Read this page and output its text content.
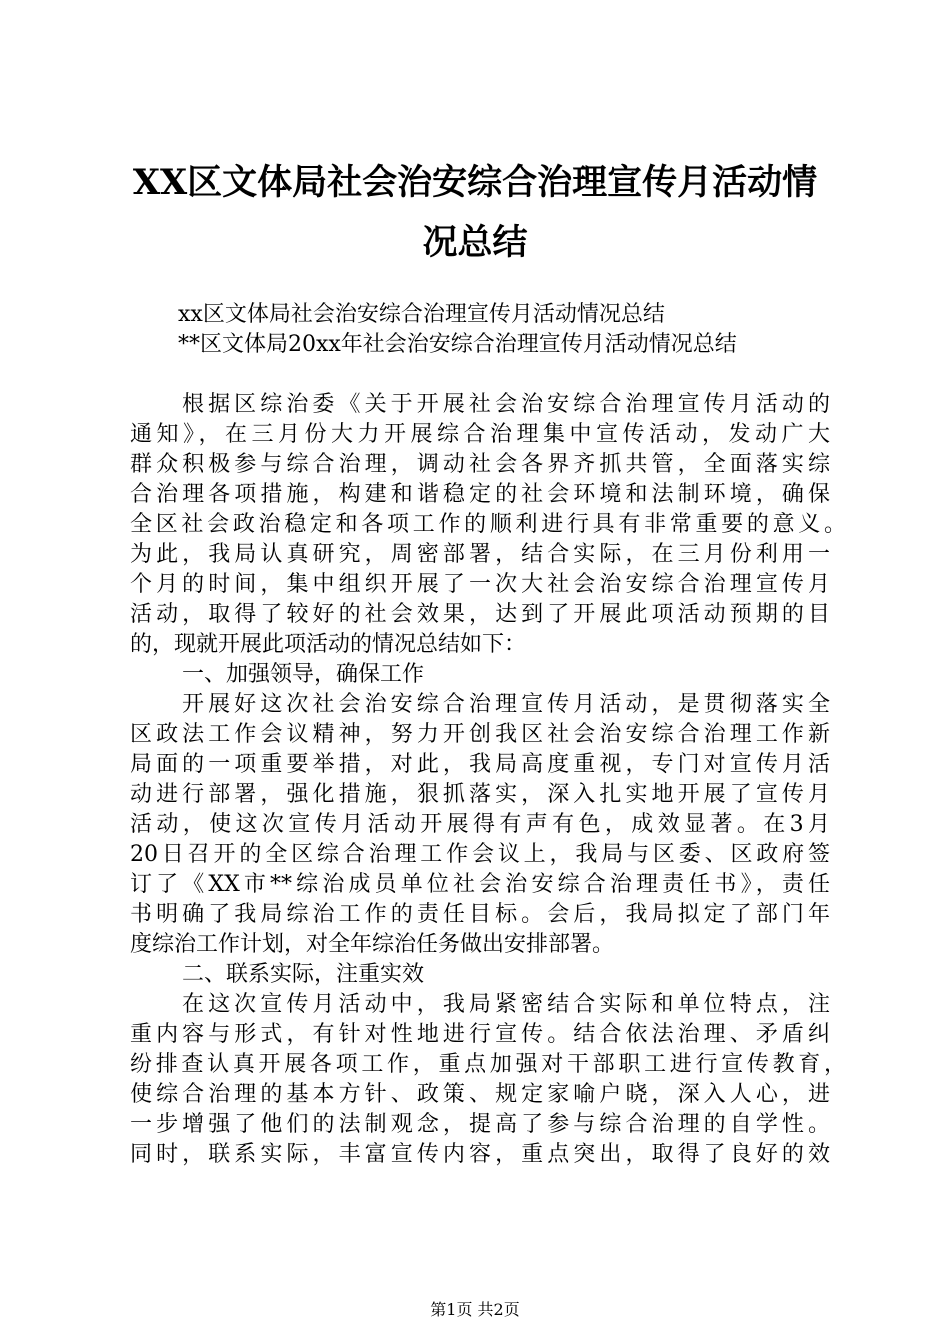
XX区文体局社会治安综合治理宣传月活动情
况总结
xx区文体局社会治安综合治理宣传月活动情况总结
**区文体局20xx年社会治安综合治理宣传月活动情况总结
根据区综治委《关于开展社会治安综合治理宣传月活动的
通知》，在三月份大力开展综合治理集中宣传活动，发动广大
群众积极参与综合治理，调动社会各界齐抓共管，全面落实综
合治理各项措施，构建和谐稳定的社会环境和法制环境，确保
全区社会政治稳定和各项工作的顺利进行具有非常重要的意义。
为此，我局认真研究，周密部署，结合实际，在三月份利用一
个月的时间，集中组织开展了一次大社会治安综合治理宣传月
活动，取得了较好的社会效果，达到了开展此项活动预期的目
的，现就开展此项活动的情况总结如下：
一、加强领导，确保工作
开展好这次社会治安综合治理宣传月活动，是贯彻落实全
区政法工作会议精神，努力开创我区社会治安综合治理工作新
局面的一项重要举措，对此，我局高度重视，专门对宣传月活
动进行部署，强化措施，狠抓落实，深入扎实地开展了宣传月
活动，使这次宣传月活动开展得有声有色，成效显著。在3月
20日召开的全区综合治理工作会议上，我局与区委、区政府签
订了《XX市**综治成员单位社会治安综合治理责任书》，责任
书明确了我局综治工作的责任目标。会后，我局拟定了部门年
度综治工作计划，对全年综治任务做出安排部署。
二、联系实际，注重实效
在这次宣传月活动中，我局紧密结合实际和单位特点，注
重内容与形式，有针对性地进行宣传。结合依法治理、矛盾纠
纷排查认真开展各项工作，重点加强对干部职工进行宣传教育，
使综合治理的基本方针、政策、规定家喻户晓，深入人心，进
一步增强了他们的法制观念，提高了参与综合治理的自学性。
同时，联系实际，丰富宣传内容，重点突出，取得了良好的效
第1页 共2页
